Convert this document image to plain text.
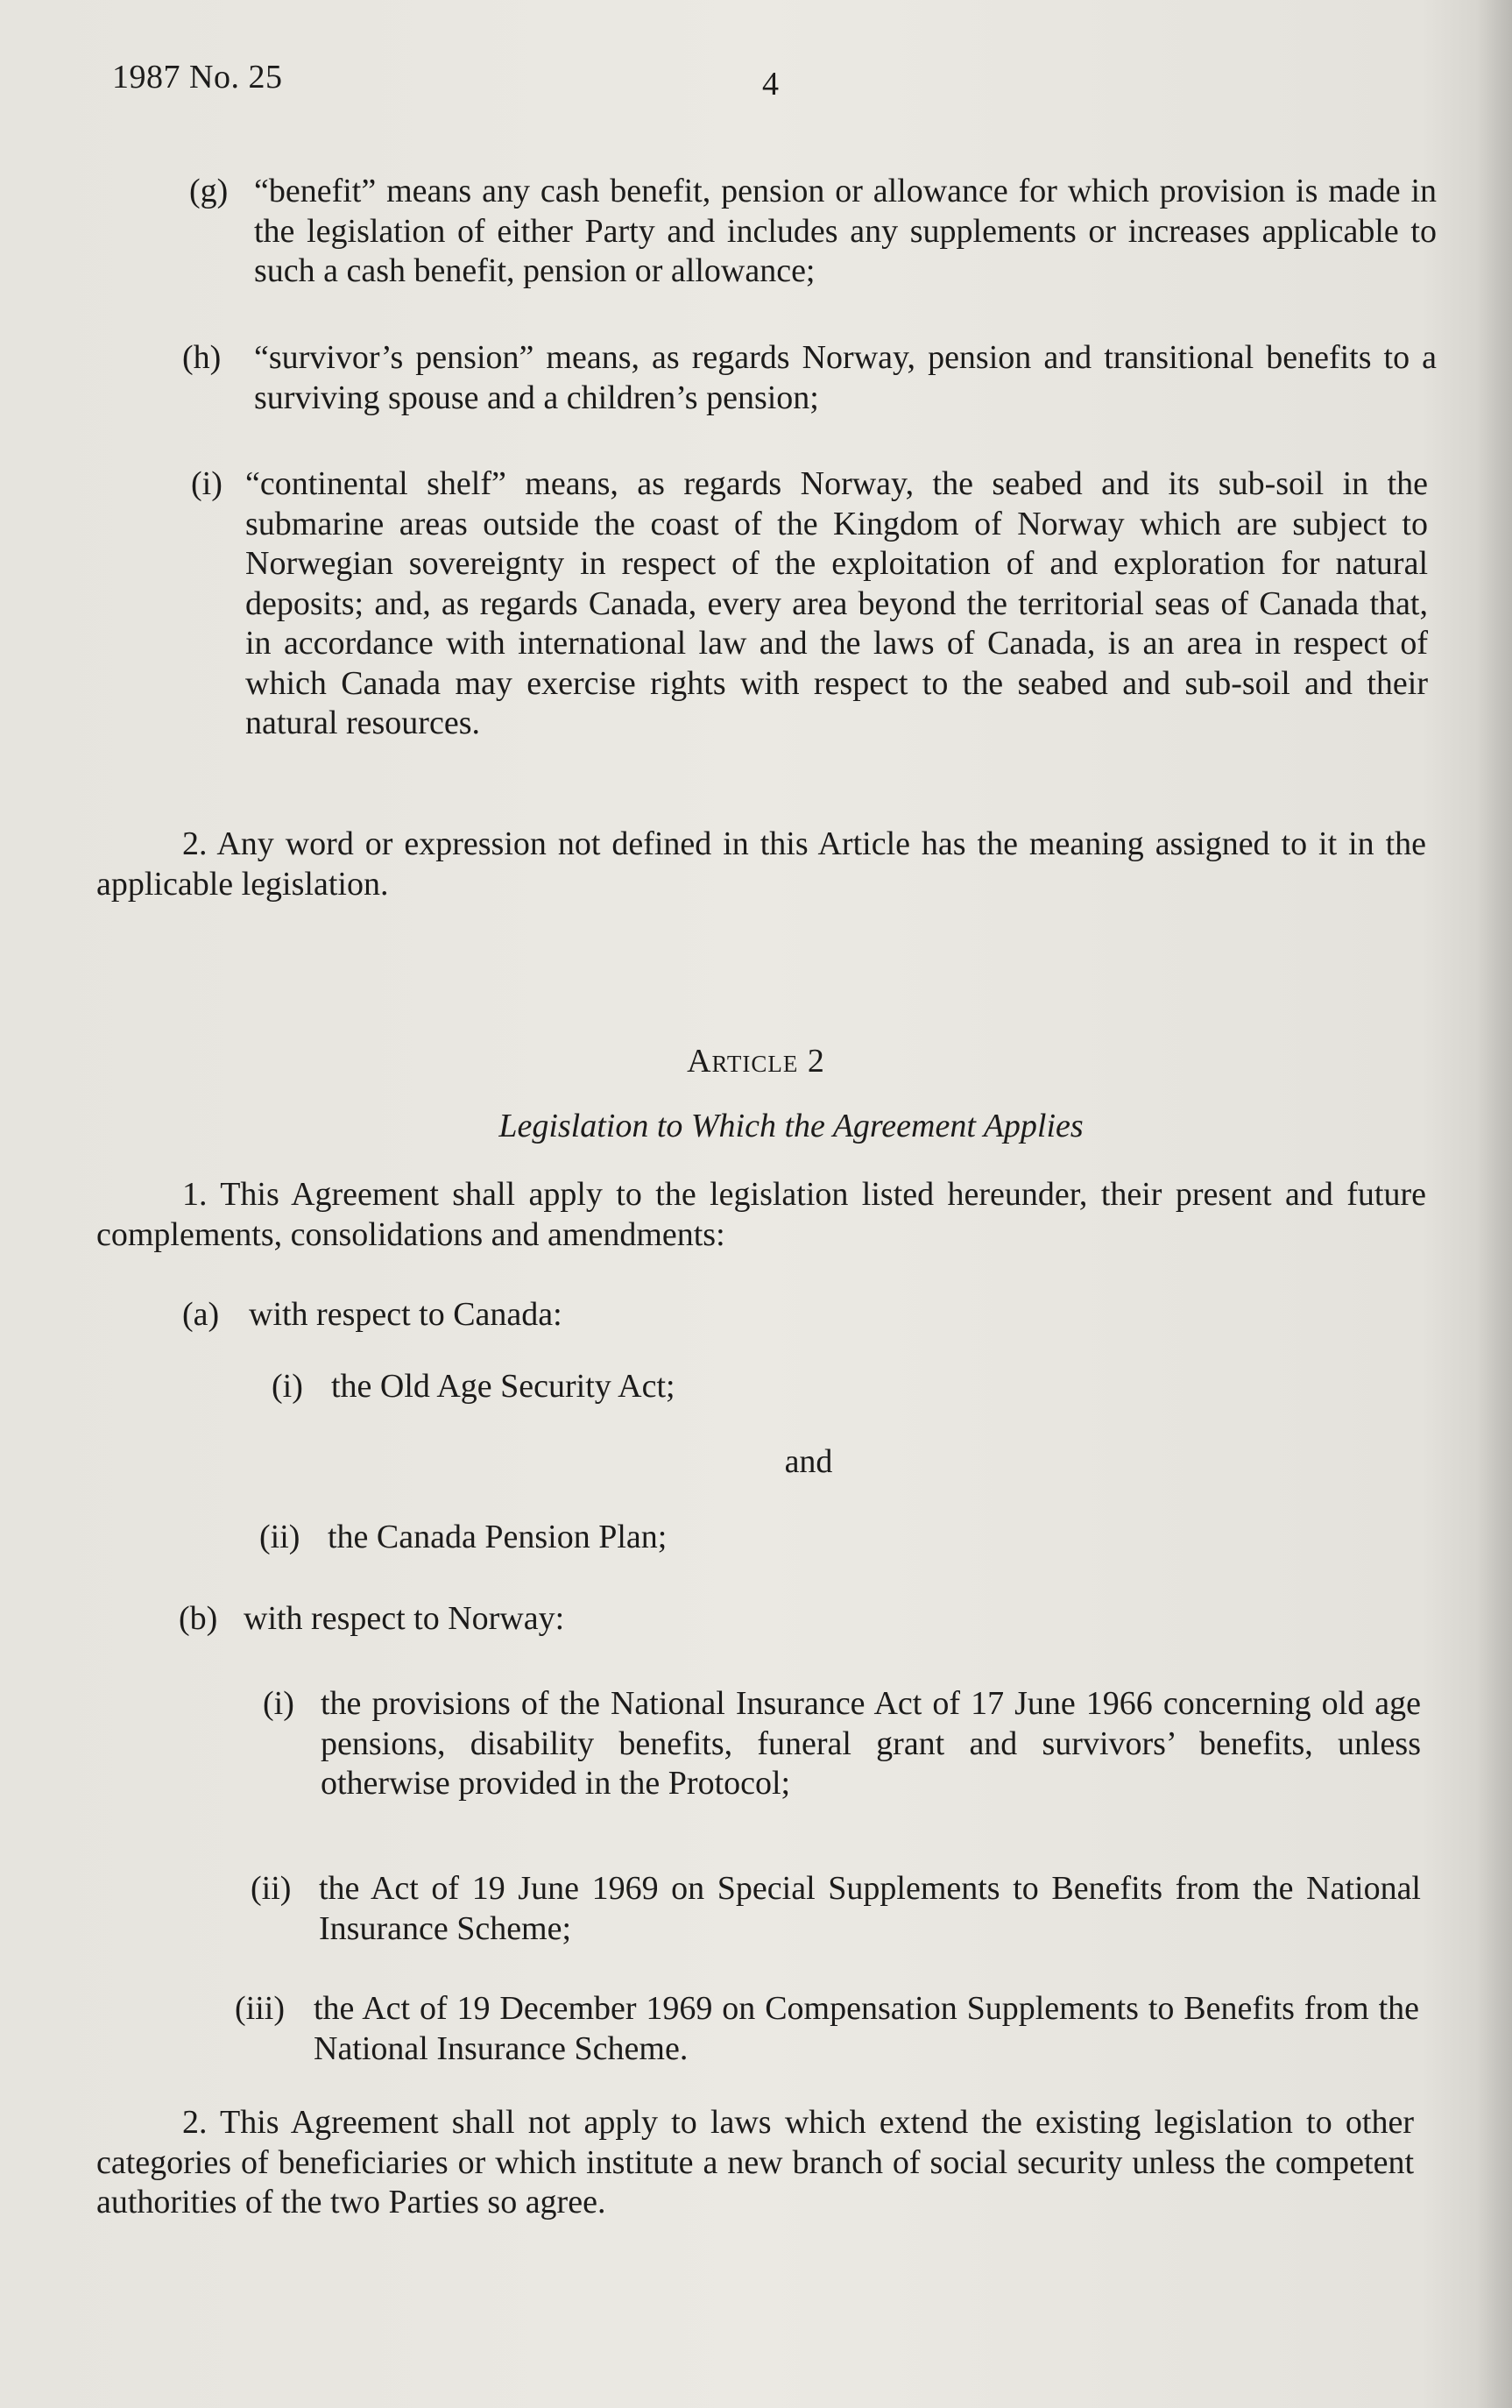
1987 No. 25	4
(g) “benefit” means any cash benefit, pension or allowance for which provision is made in the legislation of either Party and includes any supplements or increases applicable to such a cash benefit, pension or allowance;
(h) “survivor’s pension” means, as regards Norway, pension and transitional benefits to a surviving spouse and a children’s pension;
(i) “continental shelf” means, as regards Norway, the seabed and its sub-soil in the submarine areas outside the coast of the Kingdom of Norway which are subject to Norwegian sovereignty in respect of the exploitation of and exploration for natural deposits; and, as regards Canada, every area beyond the territorial seas of Canada that, in accordance with international law and the laws of Canada, is an area in respect of which Canada may exercise rights with respect to the seabed and sub-soil and their natural resources.
2. Any word or expression not defined in this Article has the meaning assigned to it in the applicable legislation.
Article 2
Legislation to Which the Agreement Applies
1. This Agreement shall apply to the legislation listed hereunder, their present and future complements, consolidations and amendments:
(a) with respect to Canada:
(i) the Old Age Security Act;
and
(ii) the Canada Pension Plan;
(b) with respect to Norway:
(i) the provisions of the National Insurance Act of 17 June 1966 concerning old age pensions, disability benefits, funeral grant and survivors’ benefits, unless otherwise provided in the Protocol;
(ii) the Act of 19 June 1969 on Special Supplements to Benefits from the National Insurance Scheme;
(iii) the Act of 19 December 1969 on Compensation Supplements to Benefits from the National Insurance Scheme.
2. This Agreement shall not apply to laws which extend the existing legislation to other categories of beneficiaries or which institute a new branch of social security unless the competent authorities of the two Parties so agree.
